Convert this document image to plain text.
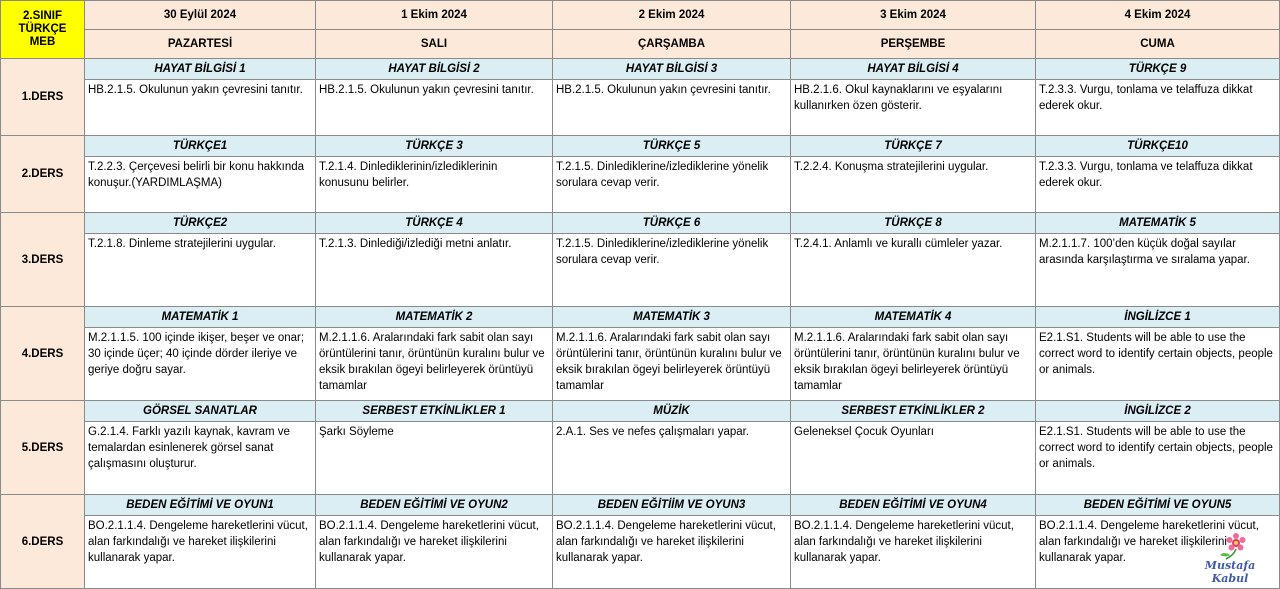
2.SINIF
TÜRKÇE
MEB	30 Eylül 2024	1 Ekim 2024	2 Ekim 2024	3 Ekim 2024	4 Ekim 2024
	PAZARTESİ	SALI	ÇARŞAMBA	PERŞEMBE	CUMA
1.DERS	HAYAT BİLGİSİ 1	HAYAT BİLGİSİ 2	HAYAT BİLGİSİ 3	HAYAT BİLGİSİ 4	TÜRKÇE 9
	HB.2.1.5. Okulunun yakın çevresini tanıtır.	HB.2.1.5. Okulunun yakın çevresini tanıtır.	HB.2.1.5. Okulunun yakın çevresini tanıtır.	HB.2.1.6. Okul kaynaklarını ve eşyalarını kullanırken özen gösterir.	T.2.3.3. Vurgu, tonlama ve telaffuza dikkat ederek okur.
2.DERS	TÜRKÇE1	TÜRKÇE 3	TÜRKÇE 5	TÜRKÇE 7	TÜRKÇE10
	T.2.2.3. Çerçevesi belirli bir konu hakkında konuşur.(YARDIMLAŞMA)	T.2.1.4. Dinlediklerinin/izlediklerinin konusunu belirler.	T.2.1.5. Dinlediklerine/izlediklerine yönelik sorulara cevap verir.	T.2.2.4. Konuşma stratejilerini uygular.	T.2.3.3. Vurgu, tonlama ve telaffuza dikkat ederek okur.
3.DERS	TÜRKÇE2	TÜRKÇE 4	TÜRKÇE 6	TÜRKÇE 8	MATEMATİK 5
	T.2.1.8. Dinleme stratejilerini uygular.	T.2.1.3. Dinlediği/izlediği metni anlatır.	T.2.1.5. Dinlediklerine/izlediklerine yönelik sorulara cevap verir.	T.2.4.1. Anlamlı ve kurallı cümleler yazar.	M.2.1.1.7. 100’den küçük doğal sayılar arasında karşılaştırma ve sıralama yapar.
4.DERS	MATEMATİK 1	MATEMATİK 2	MATEMATİK 3	MATEMATİK 4	İNGİLİZCE 1
	M.2.1.1.5. 100 içinde ikişer, beşer ve onar; 30 içinde üçer; 40 içinde dörder ileriye ve geriye doğru sayar.	M.2.1.1.6. Aralarındaki fark sabit olan sayı örüntülerini tanır, örüntünün kuralını bulur ve eksik bırakılan ögeyi belirleyerek örüntüyü tamamlar	M.2.1.1.6. Aralarındaki fark sabit olan sayı örüntülerini tanır, örüntünün kuralını bulur ve eksik bırakılan ögeyi belirleyerek örüntüyü tamamlar	M.2.1.1.6. Aralarındaki fark sabit olan sayı örüntülerini tanır, örüntünün kuralını bulur ve eksik bırakılan ögeyi belirleyerek örüntüyü tamamlar	E2.1.S1. Students will be able to use the correct word to identify certain objects, people or animals.
5.DERS	GÖRSEL SANATLAR	SERBEST ETKİNLİKLER 1	MÜZİK	SERBEST ETKİNLİKLER 2	İNGİLİZCE 2
	G.2.1.4. Farklı yazılı kaynak, kavram ve temalardan esinlenerek görsel sanat çalışmasını oluşturur.	Şarkı Söyleme	2.A.1. Ses ve nefes çalışmaları yapar.	Geleneksel Çocuk Oyunları	E2.1.S1. Students will be able to use the correct word to identify certain objects, people or animals.
6.DERS	BEDEN EĞİTİMİ VE OYUN1	BEDEN EĞİTİMİ VE OYUN2	BEDEN EĞİTİİM VE OYUN3	BEDEN EĞİTİMİ VE OYUN4	BEDEN EĞİTİMİ VE OYUN5
	BO.2.1.1.4. Dengeleme hareketlerini vücut, alan farkındalığı ve hareket ilişkilerini kullanarak yapar.	BO.2.1.1.4. Dengeleme hareketlerini vücut, alan farkındalığı ve hareket ilişkilerini kullanarak yapar.	BO.2.1.1.4. Dengeleme hareketlerini vücut, alan farkındalığı ve hareket ilişkilerini kullanarak yapar.	BO.2.1.1.4. Dengeleme hareketlerini vücut, alan farkındalığı ve hareket ilişkilerini kullanarak yapar.	BO.2.1.1.4. Dengeleme hareketlerini vücut, alan farkındalığı ve hareket ilişkilerini kullanarak yapar.
Mustafa Kabul
